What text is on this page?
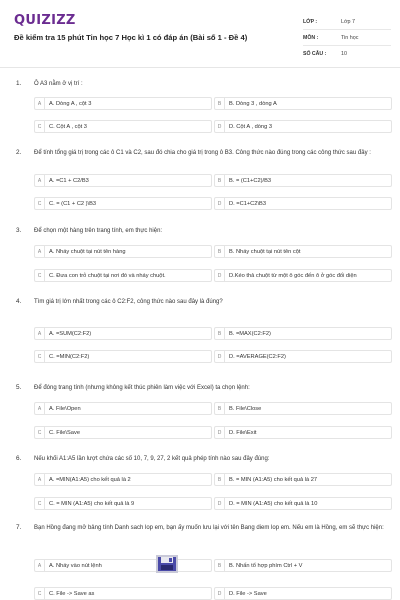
QUIZIZZ
Đề kiểm tra 15 phút Tin học 7 Học kì 1 có đáp án (Bài số 1 - Đề 4)
LỚP :	Lớp 7
MÔN :	Tin học
SỐ CÂU :	10
1. Ô A3 nằm ở vị trí :
A	A. Dòng A , cột 3	B	B. Dòng 3 , dòng A
C	C. Cột A , cột 3	D	D. Cột A , dòng 3
2. Để tính tổng giá trị trong các ô C1 và C2, sau đó chia cho giá trị trong ô B3. Công thức nào đúng trong các công thức sau đây :
A	A. =C1 + C2/B3	B	B. = (C1+C2)/B3
C	C. = (C1 + C2 )\B3	D	D. =C1+C2\B3
3. Để chọn một hàng trên trang tính, em thực hiện:
A	A. Nháy chuột tại nút tên hàng	B	B. Nháy chuột tại nút tên cột
C	C. Đưa con trỏ chuột tại nơi đó và nháy chuột.	D	D.Kéo thả chuột từ một ô góc đến ô ở góc đối diện
4. Tìm giá trị lớn nhất trong các ô C2:F2, công thức nào sau đây là đúng?
A	A. =SUM(C2:F2)	B	B. =MAX(C2:F2)
C	C. =MIN(C2:F2)	D	D. =AVERAGE(C2:F2)
5. Để đóng trang tính (nhưng không kết thúc phiên làm việc với Excel) ta chọn lệnh:
A	A. File\Open	B	B. File\Close
C	C. File\Save	D	D. File\Exit
6. Nếu khối A1:A5 lần lượt chứa các số 10, 7, 9, 27, 2 kết quả phép tính nào sau đây đúng:
A	A. =MIN(A1:A5) cho kết quả là 2	B	B. = MIN (A1:A5) cho kết quả là 27
C	C. = MIN (A1:A5) cho kết quả là 9	D	D. = MIN (A1:A5) cho kết quả là 10
7. Bạn Hồng đang mở bảng tính Danh sach lop em, bạn ấy muốn lưu lại với tên Bang diem lop em. Nếu em là Hồng, em sẽ thực hiện:
A	A. Nháy vào nút lệnh	B	B. Nhấn tổ hợp phím Ctrl + V
C	C. File -> Save as	D	D. File -> Save
